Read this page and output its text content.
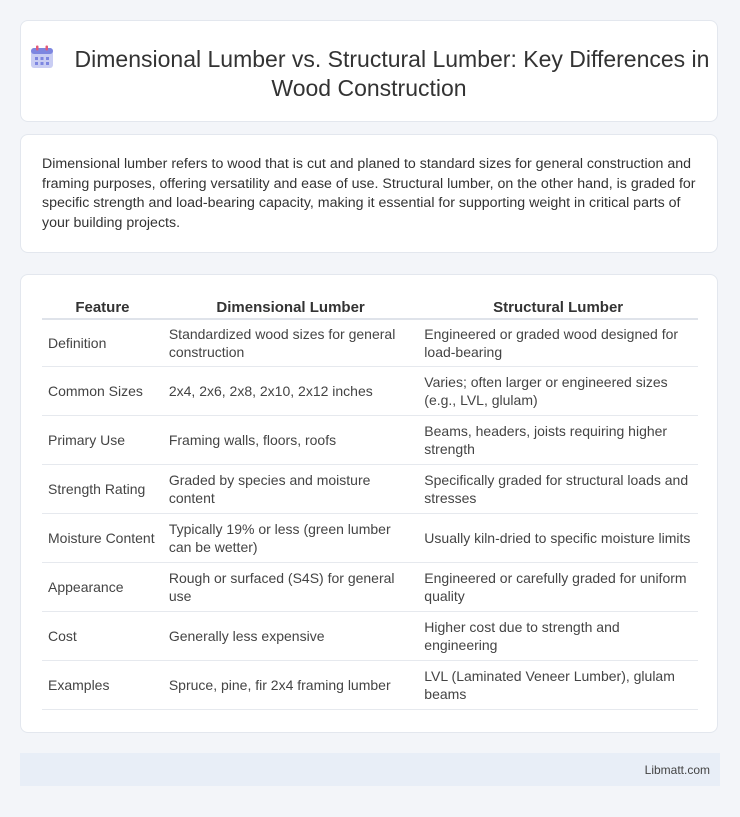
Dimensional Lumber vs. Structural Lumber: Key Differences in Wood Construction
Dimensional lumber refers to wood that is cut and planed to standard sizes for general construction and framing purposes, offering versatility and ease of use. Structural lumber, on the other hand, is graded for specific strength and load-bearing capacity, making it essential for supporting weight in critical parts of your building projects.
Feature	Dimensional Lumber	Structural Lumber
Definition	Standardized wood sizes for general construction	Engineered or graded wood designed for load-bearing
Common Sizes	2x4, 2x6, 2x8, 2x10, 2x12 inches	Varies; often larger or engineered sizes (e.g., LVL, glulam)
Primary Use	Framing walls, floors, roofs	Beams, headers, joists requiring higher strength
Strength Rating	Graded by species and moisture content	Specifically graded for structural loads and stresses
Moisture Content	Typically 19% or less (green lumber can be wetter)	Usually kiln-dried to specific moisture limits
Appearance	Rough or surfaced (S4S) for general use	Engineered or carefully graded for uniform quality
Cost	Generally less expensive	Higher cost due to strength and engineering
Examples	Spruce, pine, fir 2x4 framing lumber	LVL (Laminated Veneer Lumber), glulam beams
Libmatt.com
